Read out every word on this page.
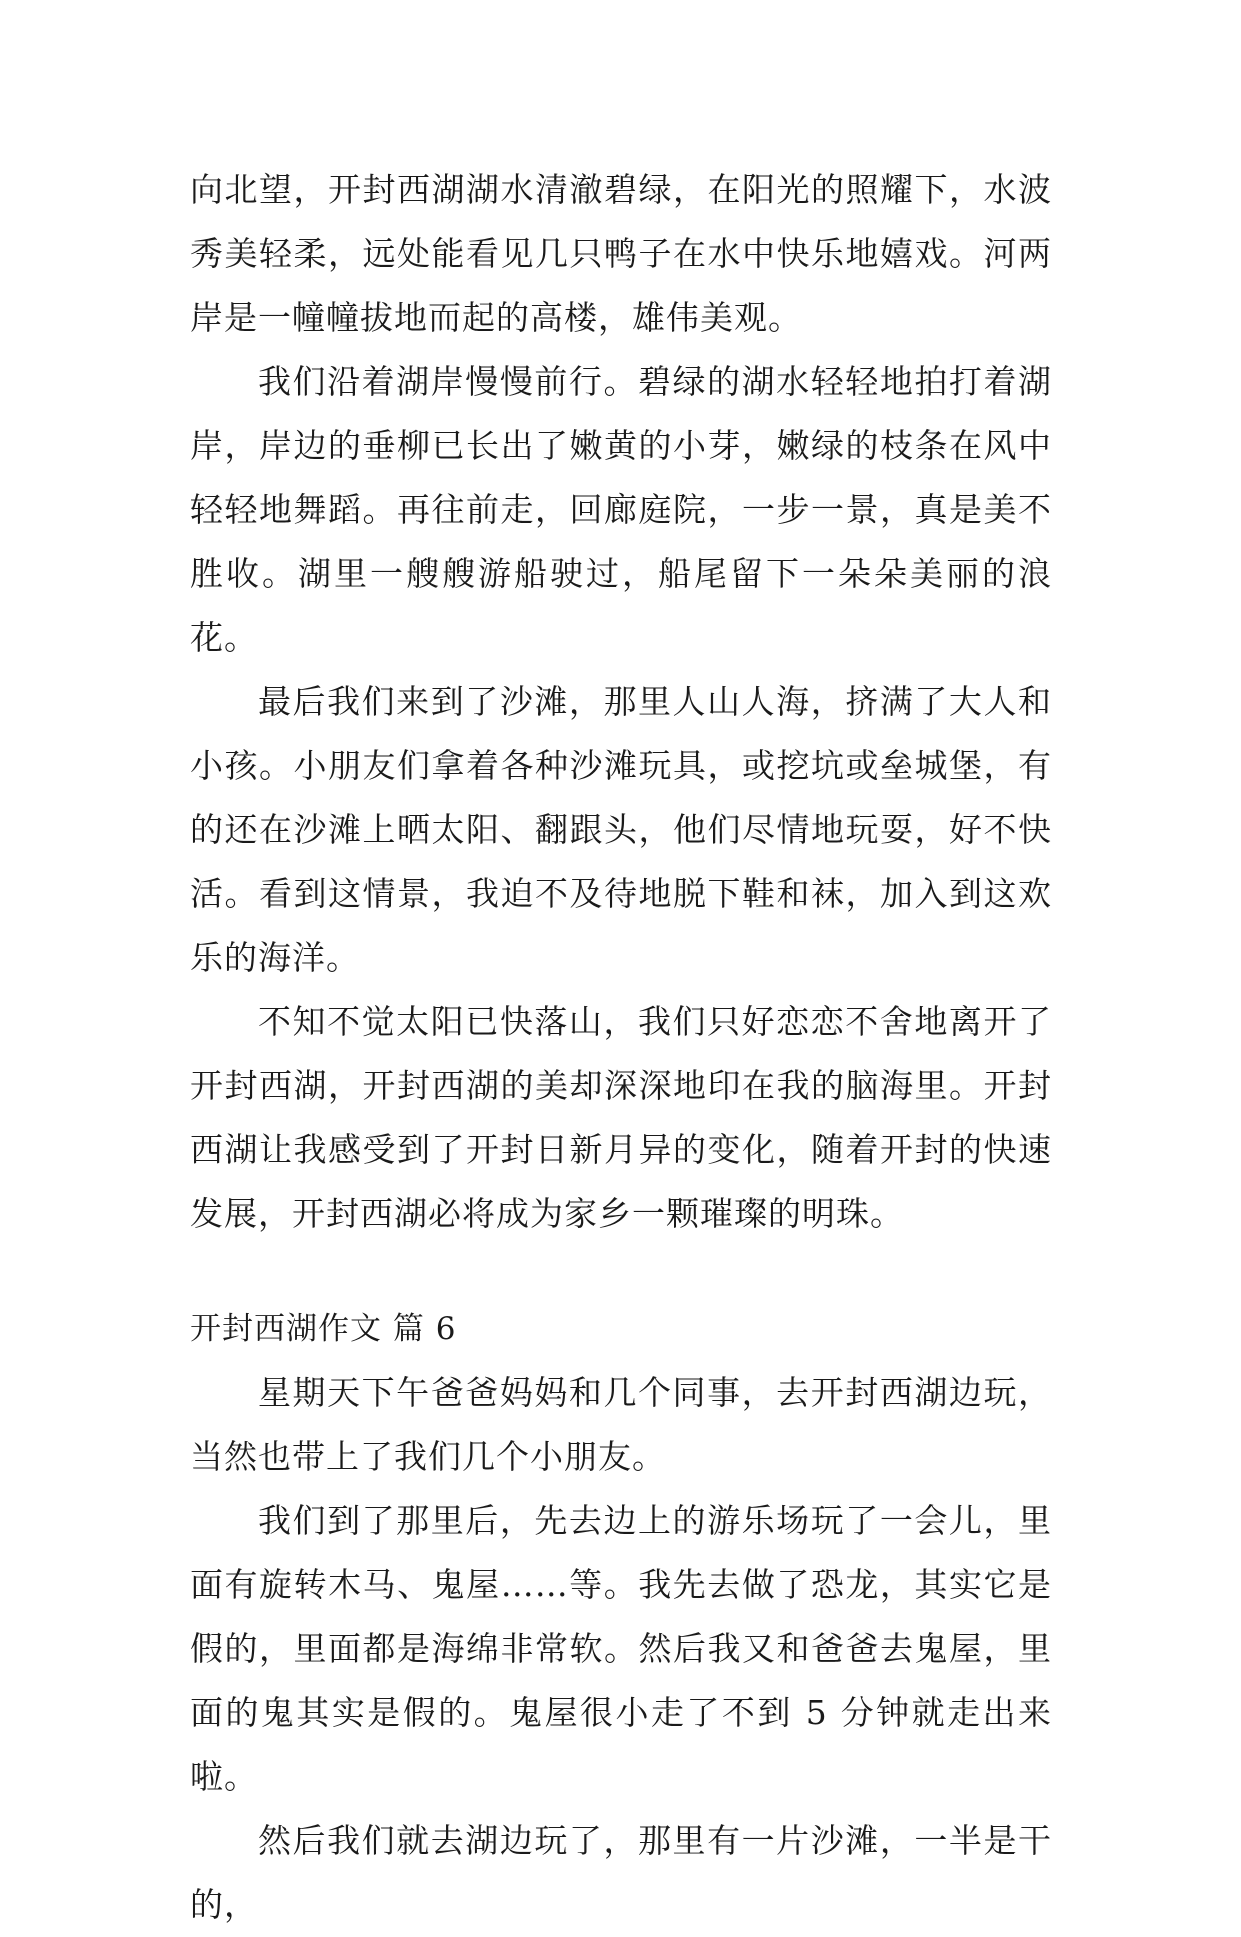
向北望，开封西湖湖水清澈碧绿，在阳光的照耀下，水波秀美轻柔，远处能看见几只鸭子在水中快乐地嬉戏。河两岸是一幢幢拔地而起的高楼，雄伟美观。

我们沿着湖岸慢慢前行。碧绿的湖水轻轻地拍打着湖岸，岸边的垂柳已长出了嫩黄的小芽，嫩绿的枝条在风中轻轻地舞蹈。再往前走，回廊庭院，一步一景，真是美不胜收。湖里一艘艘游船驶过，船尾留下一朵朵美丽的浪花。

最后我们来到了沙滩，那里人山人海，挤满了大人和小孩。小朋友们拿着各种沙滩玩具，或挖坑或垒城堡，有的还在沙滩上晒太阳、翻跟头，他们尽情地玩耍，好不快活。看到这情景，我迫不及待地脱下鞋和袜，加入到这欢乐的海洋。

不知不觉太阳已快落山，我们只好恋恋不舍地离开了开封西湖，开封西湖的美却深深地印在我的脑海里。开封西湖让我感受到了开封日新月异的变化，随着开封的快速发展，开封西湖必将成为家乡一颗璀璨的明珠。

开封西湖作文 篇 6

星期天下午爸爸妈妈和几个同事，去开封西湖边玩，当然也带上了我们几个小朋友。

我们到了那里后，先去边上的游乐场玩了一会儿，里面有旋转木马、鬼屋……等。我先去做了恐龙，其实它是假的，里面都是海绵非常软。然后我又和爸爸去鬼屋，里面的鬼其实是假的。鬼屋很小走了不到 5 分钟就走出来啦。

然后我们就去湖边玩了，那里有一片沙滩，一半是干的，
